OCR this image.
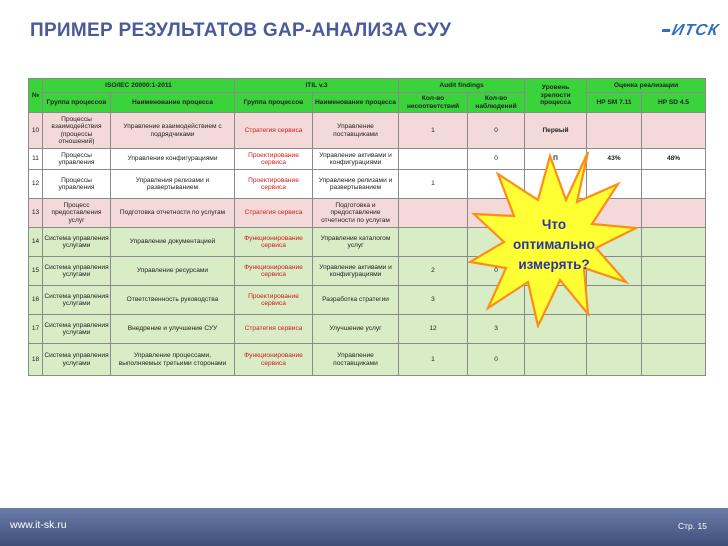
ПРИМЕР РЕЗУЛЬТАТОВ GAP-АНАЛИЗА СУУ	ИТСК
№	ISO/IEC 20000:1-2011		ITIL v.3		Audit findings		Уровень зрелости процесса	Оценка реализации	
	Группа процессов	Наименование процесса	Группа процессов	Наименование процесса	Кол-во несоответствий	Кол-во наблюдений		HP SM 7.11	HP SD 4.5
10	Процессы взаимодействия (процессы отношений)	Управление взаимодействием с подрядчиками	Стратегия сервиса	Управление поставщиками	1	0	Первый		
11	Процессы управления	Управление конфигурациями	Проектирование сервиса	Управление активами и конфигурациями		0	П	43%	48%
12	Процессы управления	Управления релизами и развертыванием	Проектирование сервиса	Управление релизами и развертыванием	1				
13	Процесс предоставления услуг	Подготовка отчетности по услугам	Стратегия сервиса	Подготовка и предоставление отчетности по услугам					
14	Система управления услугами	Управление документацией	Функционирование сервиса	Управление каталогом услуг					
15	Система управления услугами	Управление ресурсами	Функционирование сервиса	Управление активами и конфигурациями	2	0			
16	Система управления услугами	Ответственность руководства	Проектирование сервиса	Разработка стратегии	3				
17	Система управления услугами	Внедрение и улучшение СУУ	Стратегия сервиса	Улучшение услуг	12	3			
18	Система управления услугами	Управление процессами, выполняемых третьими сторонами	Функционирование сервиса	Управление поставщиками	1	0			
Что
оптимально
измерять?
www.it-sk.ru	Стр. 15
